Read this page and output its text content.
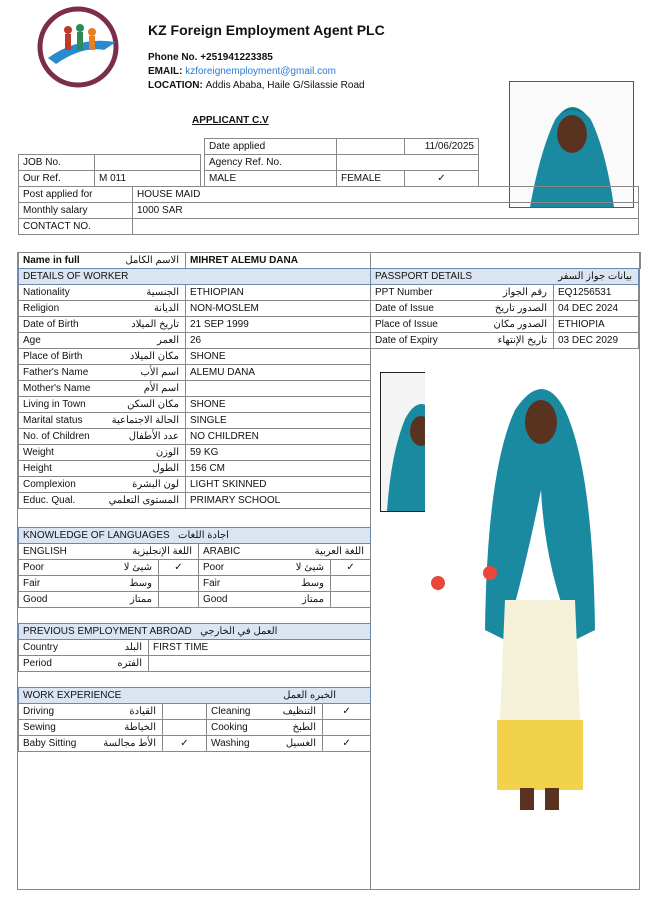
KZ Foreign Employment Agent PLC
Phone No. +251941223385
EMAIL: kzforeignemployment@gmail.com
LOCATION: Addis Ababa, Haile G/Silassie Road
APPLICANT C.V
			Date applied		11/06/2025
JOB No.			Agency Ref. No.		
Our Ref.	M 011		MALE	FEMALE	✓
Post applied for	HOUSE MAID
Monthly salary	1000 SAR
CONTACT NO.	
Name in full	الاسم الكامل	MIHRET ALEMU DANA
DETAILS OF WORKER	

Nationality الجنسية	ETHIOPIAN

Religion الديانة	NON-MOSLEM

Date of Birth تاريخ الميلاد	21 SEP 1999

Age العمر	26

Place of Birth مكان الميلاد	SHONE

Father's Name اسم الأب	ALEMU DANA

Mother's Name اسم الأم	

Living in Town مكان السكن	SHONE

Marital status الحالة الاجتماعية	SINGLE

No. of Children عدد الأطفال	NO CHILDREN

Weight الوزن	59 KG

Height الطول	156 CM

Complexion لون البشرة	LIGHT SKINNED

Educ. Qual. المستوى التعلمي	PRIMARY SCHOOL
PASSPORT DETAILS بيانات جواز السفر	

PPT Number رقم الجواز	EQ1256531

Date of Issue الصدور تاريخ	04 DEC 2024

Place of Issue الصدور مكان	ETHIOPIA

Date of Expiry تاريخ الإنتهاء	03 DEC 2029
KNOWLEDGE OF LANGUAGES اجادة اللغات			

ENGLISH اللغة الإنجليزية		ARABIC اللغة العربية	

Poor شيئ لا	✓	Poor شيئ لا	✓

Fair وسط		Fair وسط	

Good ممتاز		Good ممتاز	

PREVIOUS EMPLOYMENT ABROAD العمل في الخارجي	

Country البلد	FIRST TIME

Period الفتره	

WORK EXPERIENCE الخبره العمل			

Driving القيادة		Cleaning التنظيف	✓

Sewing الخياطة		Cooking الطبخ	

Baby Sitting الأط مجالسة	✓	Washing الغسيل	✓
